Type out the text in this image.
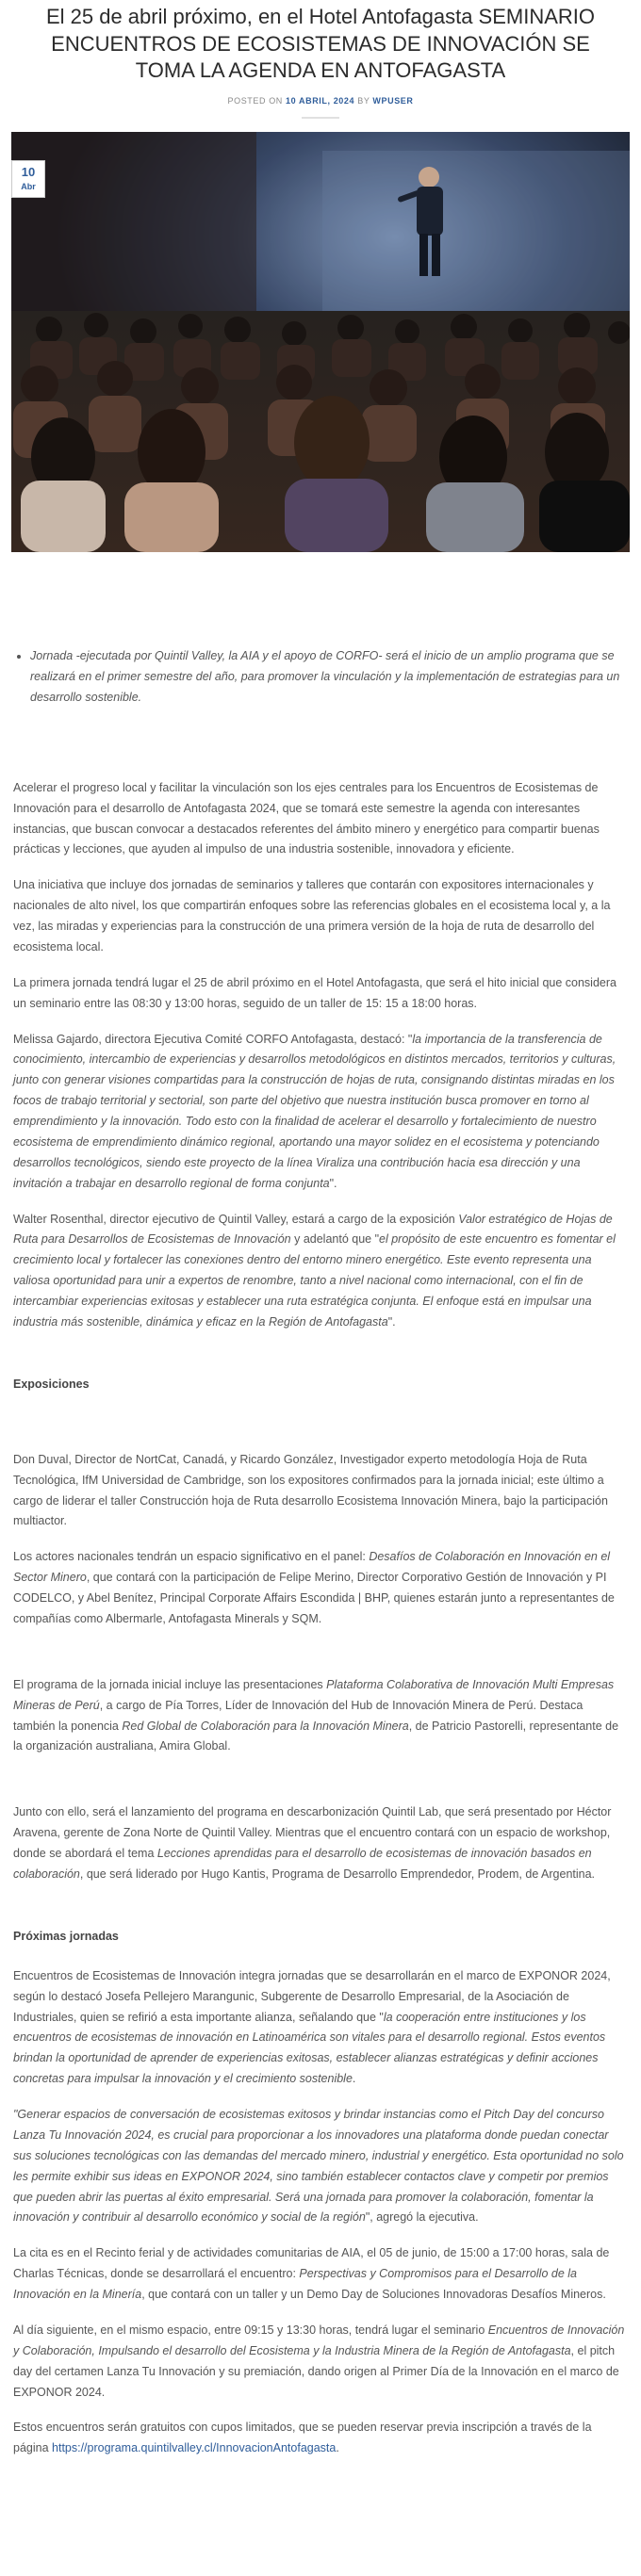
El 25 de abril próximo, en el Hotel Antofagasta SEMINARIO ENCUENTROS DE ECOSISTEMAS DE INNOVACIÓN SE TOMA LA AGENDA EN ANTOFAGASTA
POSTED ON 10 ABRIL, 2024 BY WPUSER
10
Abr
• Jornada -ejecutada por Quintil Valley, la AIA y el apoyo de CORFO- será el inicio de un amplio programa que se realizará en el primer semestre del año, para promover la vinculación y la implementación de estrategias para un desarrollo sostenible.

Acelerar el progreso local y facilitar la vinculación son los ejes centrales para los Encuentros de Ecosistemas de Innovación para el desarrollo de Antofagasta 2024, que se tomará este semestre la agenda con interesantes instancias, que buscan convocar a destacados referentes del ámbito minero y energético para compartir buenas prácticas y lecciones, que ayuden al impulso de una industria sostenible, innovadora y eficiente.

Una iniciativa que incluye dos jornadas de seminarios y talleres que contarán con expositores internacionales y nacionales de alto nivel, los que compartirán enfoques sobre las referencias globales en el ecosistema local y, a la vez, las miradas y experiencias para la construcción de una primera versión de la hoja de ruta de desarrollo del ecosistema local.

La primera jornada tendrá lugar el 25 de abril próximo en el Hotel Antofagasta, que será el hito inicial que considera un seminario entre las 08:30 y 13:00 horas, seguido de un taller de 15: 15 a 18:00 horas.

Melissa Gajardo, directora Ejecutiva Comité CORFO Antofagasta, destacó: "la importancia de la transferencia de conocimiento, intercambio de experiencias y desarrollos metodológicos en distintos mercados, territorios y culturas, junto con generar visiones compartidas para la construcción de hojas de ruta, consignando distintas miradas en los focos de trabajo territorial y sectorial, son parte del objetivo que nuestra institución busca promover en torno al emprendimiento y la innovación. Todo esto con la finalidad de acelerar el desarrollo y fortalecimiento de nuestro ecosistema de emprendimiento dinámico regional, aportando una mayor solidez en el ecosistema y potenciando desarrollos tecnológicos, siendo este proyecto de la línea Viraliza una contribución hacia esa dirección y una invitación a trabajar en desarrollo regional de forma conjunta".

Walter Rosenthal, director ejecutivo de Quintil Valley, estará a cargo de la exposición Valor estratégico de Hojas de Ruta para Desarrollos de Ecosistemas de Innovación y adelantó que "el propósito de este encuentro es fomentar el crecimiento local y fortalecer las conexiones dentro del entorno minero energético. Este evento representa una valiosa oportunidad para unir a expertos de renombre, tanto a nivel nacional como internacional, con el fin de intercambiar experiencias exitosas y establecer una ruta estratégica conjunta. El enfoque está en impulsar una industria más sostenible, dinámica y eficaz en la Región de Antofagasta".

Exposiciones

Don Duval, Director de NortCat, Canadá, y Ricardo González, Investigador experto metodología Hoja de Ruta Tecnológica, IfM Universidad de Cambridge, son los expositores confirmados para la jornada inicial; este último a cargo de liderar el taller Construcción hoja de Ruta desarrollo Ecosistema Innovación Minera, bajo la participación multiactor.

Los actores nacionales tendrán un espacio significativo en el panel: Desafíos de Colaboración en Innovación en el Sector Minero, que contará con la participación de Felipe Merino, Director Corporativo Gestión de Innovación y PI CODELCO, y Abel Benítez, Principal Corporate Affairs Escondida | BHP, quienes estarán junto a representantes de compañías como Albermarle, Antofagasta Minerals y SQM.

El programa de la jornada inicial incluye las presentaciones Plataforma Colaborativa de Innovación Multi Empresas Mineras de Perú, a cargo de Pía Torres, Líder de Innovación del Hub de Innovación Minera de Perú. Destaca también la ponencia Red Global de Colaboración para la Innovación Minera, de Patricio Pastorelli, representante de la organización australiana, Amira Global.

Junto con ello, será el lanzamiento del programa en descarbonización Quintil Lab, que será presentado por Héctor Aravena, gerente de Zona Norte de Quintil Valley. Mientras que el encuentro contará con un espacio de workshop, donde se abordará el tema Lecciones aprendidas para el desarrollo de ecosistemas de innovación basados en colaboración, que será liderado por Hugo Kantis, Programa de Desarrollo Emprendedor, Prodem, de Argentina.

Próximas jornadas

Encuentros de Ecosistemas de Innovación integra jornadas que se desarrollarán en el marco de EXPONOR 2024, según lo destacó Josefa Pellejero Marangunic, Subgerente de Desarrollo Empresarial, de la Asociación de Industriales, quien se refirió a esta importante alianza, señalando que "la cooperación entre instituciones y los encuentros de ecosistemas de innovación en Latinoamérica son vitales para el desarrollo regional. Estos eventos brindan la oportunidad de aprender de experiencias exitosas, establecer alianzas estratégicas y definir acciones concretas para impulsar la innovación y el crecimiento sostenible.

"Generar espacios de conversación de ecosistemas exitosos y brindar instancias como el Pitch Day del concurso Lanza Tu Innovación 2024, es crucial para proporcionar a los innovadores una plataforma donde puedan conectar sus soluciones tecnológicas con las demandas del mercado minero, industrial y energético. Esta oportunidad no solo les permite exhibir sus ideas en EXPONOR 2024, sino también establecer contactos clave y competir por premios que pueden abrir las puertas al éxito empresarial. Será una jornada para promover la colaboración, fomentar la innovación y contribuir al desarrollo económico y social de la región", agregó la ejecutiva.

La cita es en el Recinto ferial y de actividades comunitarias de AIA, el 05 de junio, de 15:00 a 17:00 horas, sala de Charlas Técnicas, donde se desarrollará el encuentro: Perspectivas y Compromisos para el Desarrollo de la Innovación en la Minería, que contará con un taller y un Demo Day de Soluciones Innovadoras Desafíos Mineros.

Al día siguiente, en el mismo espacio, entre 09:15 y 13:30 horas, tendrá lugar el seminario Encuentros de Innovación y Colaboración, Impulsando el desarrollo del Ecosistema y la Industria Minera de la Región de Antofagasta, el pitch day del certamen Lanza Tu Innovación y su premiación, dando origen al Primer Día de la Innovación en el marco de EXPONOR 2024.

Estos encuentros serán gratuitos con cupos limitados, que se pueden reservar previa inscripción a través de la página https://programa.quintilvalley.cl/InnovacionAntofagasta.
